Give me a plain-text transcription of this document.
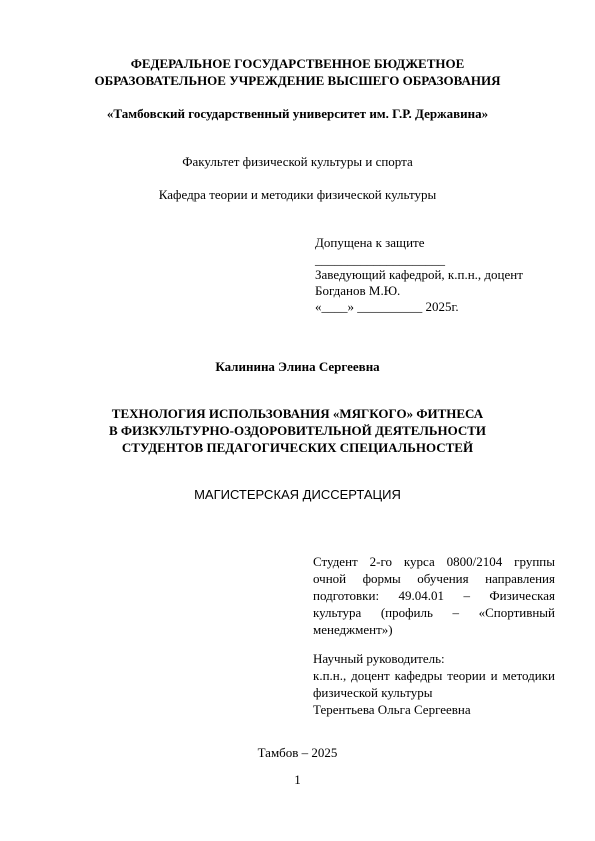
ФЕДЕРАЛЬНОЕ ГОСУДАРСТВЕННОЕ БЮДЖЕТНОЕ
ОБРАЗОВАТЕЛЬНОЕ УЧРЕЖДЕНИЕ ВЫСШЕГО ОБРАЗОВАНИЯ
«Тамбовский государственный университет им. Г.Р. Державина»
Факультет физической культуры и спорта
Кафедра теории и методики физической культуры
Допущена к защите
____________________
Заведующий кафедрой, к.п.н., доцент
Богданов М.Ю.
«____» __________ 2025г.
Калинина Элина Сергеевна
ТЕХНОЛОГИЯ ИСПОЛЬЗОВАНИЯ «МЯГКОГО» ФИТНЕСА
В ФИЗКУЛЬТУРНО-ОЗДОРОВИТЕЛЬНОЙ ДЕЯТЕЛЬНОСТИ
СТУДЕНТОВ ПЕДАГОГИЧЕСКИХ СПЕЦИАЛЬНОСТЕЙ
МАГИСТЕРСКАЯ ДИССЕРТАЦИЯ
Студент 2-го курса 0800/2104 группы очной формы обучения направления подготовки: 49.04.01 – Физическая культура (профиль – «Спортивный менеджмент»)
Научный руководитель:
к.п.н., доцент кафедры теории и методики физической культуры
Терентьева Ольга Сергеевна
Тамбов – 2025
1
